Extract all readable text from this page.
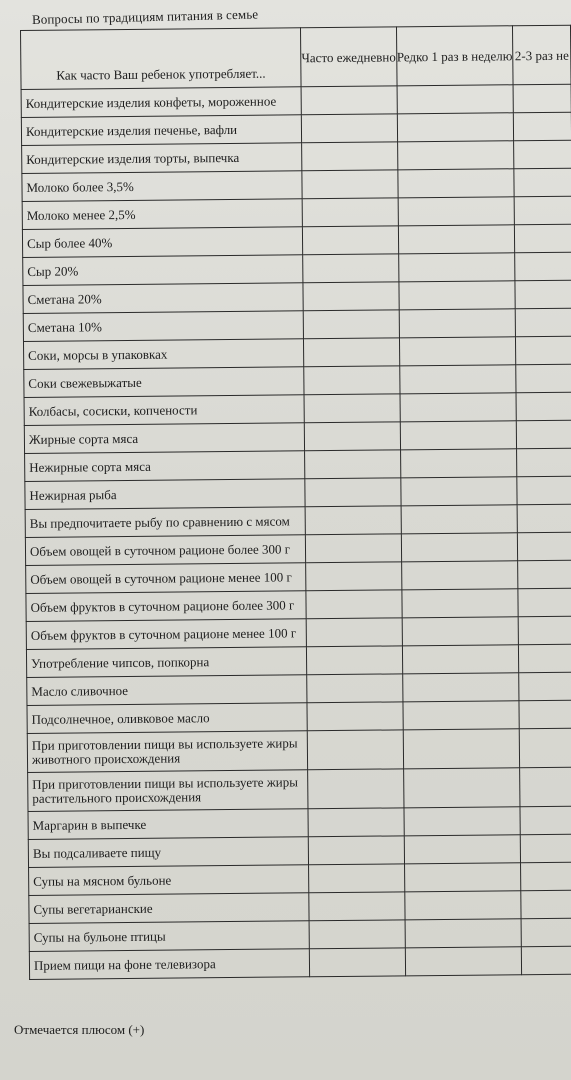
Вопросы по традициям питания в семье
Как часто Ваш ребенок употребляет...	Часто ежедневно	Редко 1 раз в неделю	2-3 раз не
Кондитерские изделия конфеты, мороженное			
Кондитерские изделия печенье, вафли			
Кондитерские изделия торты, выпечка			
Молоко более 3,5%			
Молоко менее 2,5%			
Сыр более 40%			
Сыр 20%			
Сметана 20%			
Сметана 10%			
Соки, морсы в упаковках			
Соки свежевыжатые			
Колбасы, сосиски, копчености			
Жирные сорта мяса			
Нежирные сорта мяса			
Нежирная рыба			
Вы предпочитаете рыбу по сравнению с мясом			
Объем овощей в суточном рационе более 300 г			
Объем овощей в суточном рационе менее 100 г			
Объем фруктов в суточном рационе более 300 г			
Объем фруктов в суточном рационе менее 100 г			
Употребление чипсов, попкорна			
Масло сливочное			
Подсолнечное, оливковое масло			
При приготовлении пищи вы используете жиры животного происхождения			
При приготовлении пищи вы используете жиры растительного происхождения			
Маргарин в выпечке			
Вы подсаливаете пищу			
Супы на мясном бульоне			
Супы вегетарианские			
Супы на бульоне птицы			
Прием пищи на фоне телевизора			
Отмечается плюсом (+)
